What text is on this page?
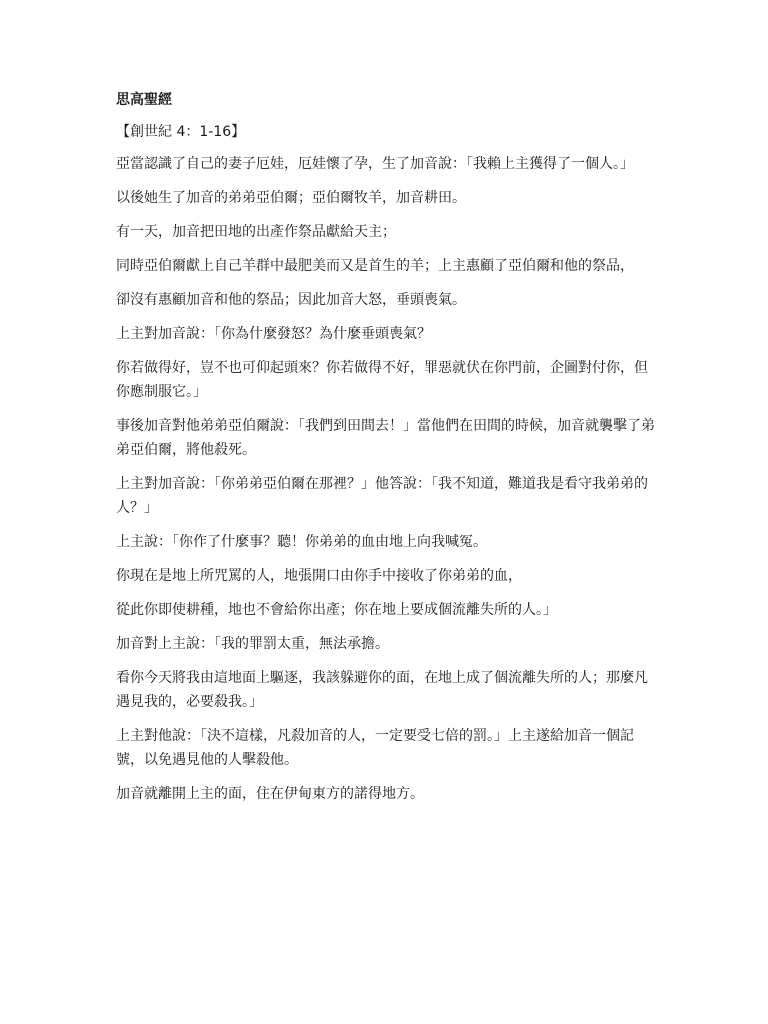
思高聖經
【創世紀 4：1-16】
亞當認識了自己的妻子厄娃，厄娃懷了孕，生了加音說：「我賴上主獲得了一個人。」
以後她生了加音的弟弟亞伯爾；亞伯爾牧羊，加音耕田。
有一天，加音把田地的出產作祭品獻給天主；
同時亞伯爾獻上自己羊群中最肥美而又是首生的羊；上主惠顧了亞伯爾和他的祭品，
卻沒有惠顧加音和他的祭品；因此加音大怒，垂頭喪氣。
上主對加音說：「你為什麼發怒？為什麼垂頭喪氣？
你若做得好，豈不也可仰起頭來？你若做得不好，罪惡就伏在你門前，企圖對付你，但你應制服它。」
事後加音對他弟弟亞伯爾說：「我們到田間去！」當他們在田間的時候，加音就襲擊了弟弟亞伯爾，將他殺死。
上主對加音說：「你弟弟亞伯爾在那裡？」他答說：「我不知道，難道我是看守我弟弟的人？」
上主說：「你作了什麼事？聽！你弟弟的血由地上向我喊冤。
你現在是地上所咒罵的人，地張開口由你手中接收了你弟弟的血，
從此你即使耕種，地也不會給你出產；你在地上要成個流離失所的人。」
加音對上主說：「我的罪罰太重，無法承擔。
看你今天將我由這地面上驅逐，我該躲避你的面，在地上成了個流離失所的人；那麼凡遇見我的，必要殺我。」
上主對他說：「決不這樣，凡殺加音的人，一定要受七倍的罰。」上主遂給加音一個記號，以免遇見他的人擊殺他。
加音就離開上主的面，住在伊甸東方的諾得地方。
